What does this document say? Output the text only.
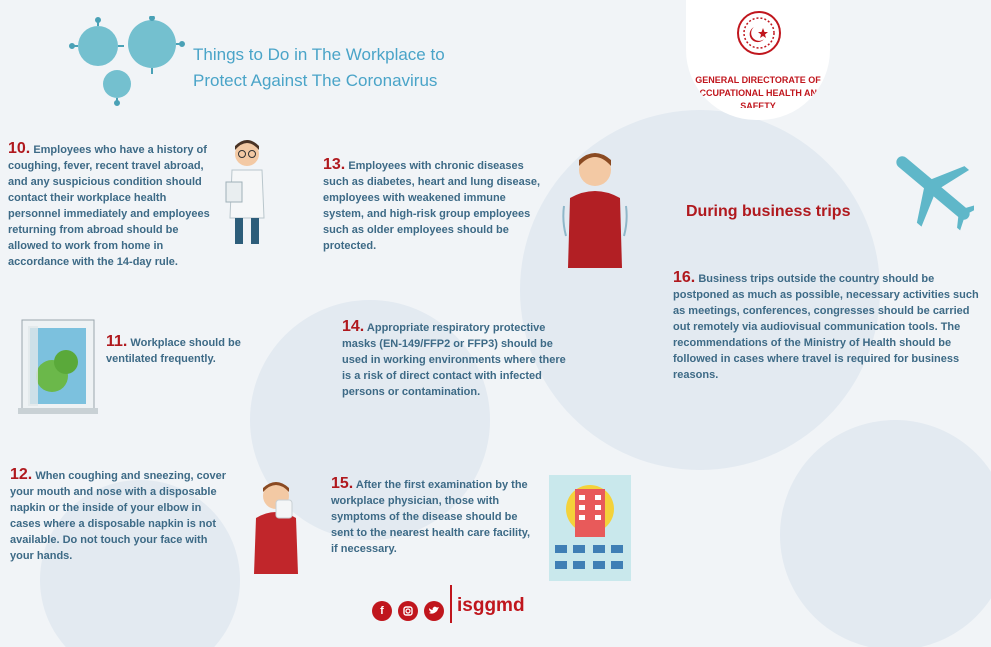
Things to Do in The Workplace to
Protect Against The Coronavirus	GENERAL DIRECTORATE OF OCCUPATIONAL HEALTH AND SAFETY
10. Employees who have a history of coughing, fever, recent travel abroad, and any suspicious condition should contact their workplace health personnel immediately and employees returning from abroad should be allowed to work from home in accordance with the 14-day rule.
11. Workplace should be ventilated frequently.
12. When coughing and sneezing, cover your mouth and nose with a disposable napkin or the inside of your elbow in cases where a disposable napkin is not available. Do not touch your face with your hands.
13. Employees with chronic diseases such as diabetes, heart and lung disease, employees with weakened immune system, and high-risk group employees such as older employees should be protected.
14. Appropriate respiratory protective masks (EN-149/FFP2 or FFP3) should be used in working environments where there is a risk of direct contact with infected persons or contamination.
15. After the first examination by the workplace physician, those with symptoms of the disease should be sent to the nearest health care facility, if necessary.
During business trips
16. Business trips outside the country should be postponed as much as possible, necessary activities such as meetings, conferences, congresses should be carried out remotely via audiovisual communication tools. The recommendations of the Ministry of Health should be followed in cases where travel is required for business reasons.
f	isggmd
